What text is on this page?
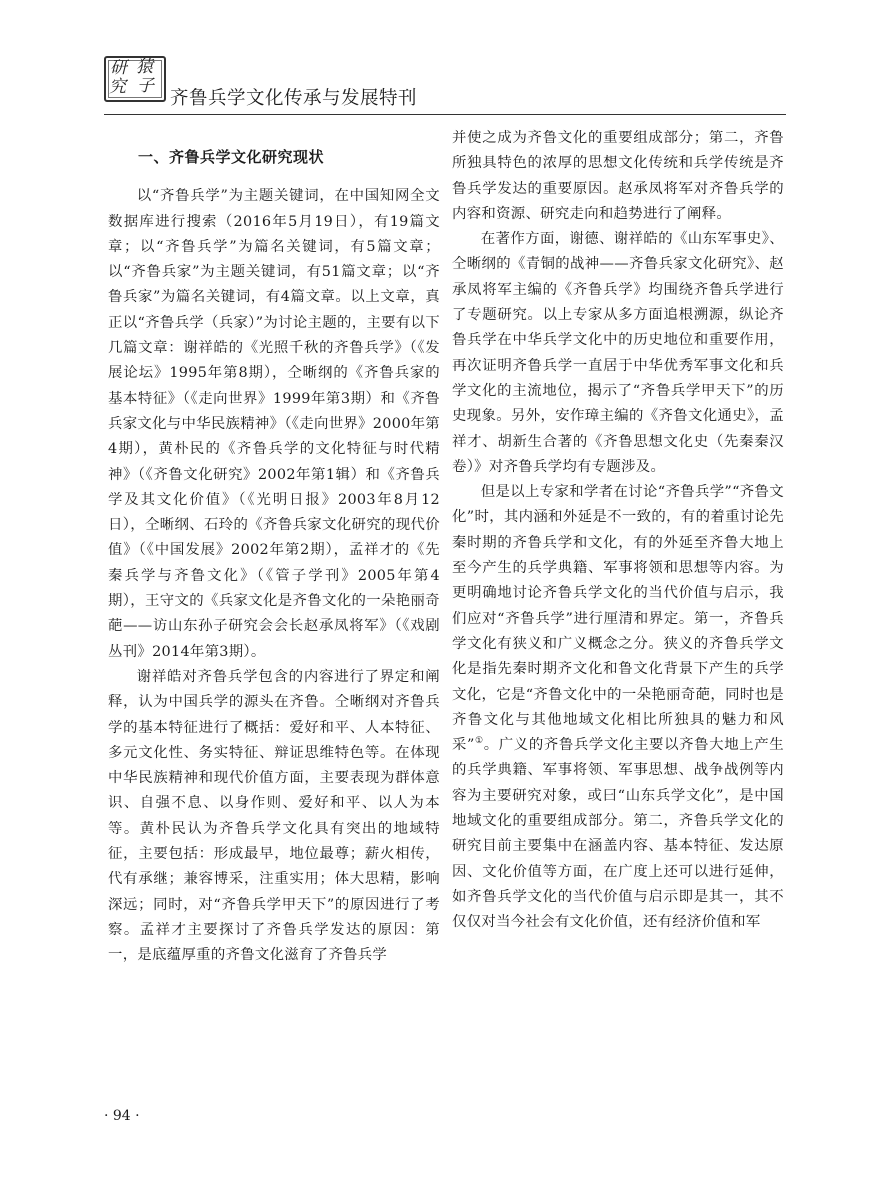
研 猿
究 子
齐鲁兵学文化传承与发展特刊
一、齐鲁兵学文化研究现状

以“齐鲁兵学”为主题关键词，在中国知网全文数据库进行搜索（2016年5月19日），有19篇文章；以“齐鲁兵学”为篇名关键词，有5篇文章；以“齐鲁兵家”为主题关键词，有51篇文章；以“齐鲁兵家”为篇名关键词，有4篇文章。以上文章，真正以“齐鲁兵学（兵家）”为讨论主题的，主要有以下几篇文章：谢祥皓的《光照千秋的齐鲁兵学》（《发展论坛》1995年第8期），仝晰纲的《齐鲁兵家的基本特征》（《走向世界》1999年第3期）和《齐鲁兵家文化与中华民族精神》（《走向世界》2000年第4期），黄朴民的《齐鲁兵学的文化特征与时代精神》（《齐鲁文化研究》2002年第1辑）和《齐鲁兵学及其文化价值》（《光明日报》2003年8月12日），仝晰纲、石玲的《齐鲁兵家文化研究的现代价值》（《中国发展》2002年第2期），孟祥才的《先秦兵学与齐鲁文化》（《管子学刊》2005年第4期），王守文的《兵家文化是齐鲁文化的一朵艳丽奇葩——访山东孙子研究会会长赵承凤将军》（《戏剧丛刊》2014年第3期）。

谢祥皓对齐鲁兵学包含的内容进行了界定和阐释，认为中国兵学的源头在齐鲁。仝晰纲对齐鲁兵学的基本特征进行了概括：爱好和平、人本特征、多元文化性、务实特征、辩证思维特色等。在体现中华民族精神和现代价值方面，主要表现为群体意识、自强不息、以身作则、爱好和平、以人为本等。黄朴民认为齐鲁兵学文化具有突出的地域特征，主要包括：形成最早，地位最尊；薪火相传，代有承继；兼容博采，注重实用；体大思精，影响深远；同时，对“齐鲁兵学甲天下”的原因进行了考察。孟祥才主要探讨了齐鲁兵学发达的原因：第一，是底蕴厚重的齐鲁文化滋育了齐鲁兵学

并使之成为齐鲁文化的重要组成部分；第二，齐鲁所独具特色的浓厚的思想文化传统和兵学传统是齐鲁兵学发达的重要原因。赵承凤将军对齐鲁兵学的内容和资源、研究走向和趋势进行了阐释。

在著作方面，谢德、谢祥皓的《山东军事史》、仝晰纲的《青铜的战神——齐鲁兵家文化研究》、赵承凤将军主编的《齐鲁兵学》均围绕齐鲁兵学进行了专题研究。以上专家从多方面追根溯源，纵论齐鲁兵学在中华兵学文化中的历史地位和重要作用，再次证明齐鲁兵学一直居于中华优秀军事文化和兵学文化的主流地位，揭示了“齐鲁兵学甲天下”的历史现象。另外，安作璋主编的《齐鲁文化通史》，孟祥才、胡新生合著的《齐鲁思想文化史（先秦秦汉卷）》对齐鲁兵学均有专题涉及。

但是以上专家和学者在讨论“齐鲁兵学”“齐鲁文化”时，其内涵和外延是不一致的，有的着重讨论先秦时期的齐鲁兵学和文化，有的外延至齐鲁大地上至今产生的兵学典籍、军事将领和思想等内容。为更明确地讨论齐鲁兵学文化的当代价值与启示，我们应对“齐鲁兵学”进行厘清和界定。第一，齐鲁兵学文化有狭义和广义概念之分。狭义的齐鲁兵学文化是指先秦时期齐文化和鲁文化背景下产生的兵学文化，它是“齐鲁文化中的一朵艳丽奇葩，同时也是齐鲁文化与其他地域文化相比所独具的魅力和风采”①。广义的齐鲁兵学文化主要以齐鲁大地上产生的兵学典籍、军事将领、军事思想、战争战例等内容为主要研究对象，或曰“山东兵学文化”，是中国地域文化的重要组成部分。第二，齐鲁兵学文化的研究目前主要集中在涵盖内容、基本特征、发达原因、文化价值等方面，在广度上还可以进行延伸，如齐鲁兵学文化的当代价值与启示即是其一，其不仅仅对当今社会有文化价值，还有经济价值和军

· 94 ·
